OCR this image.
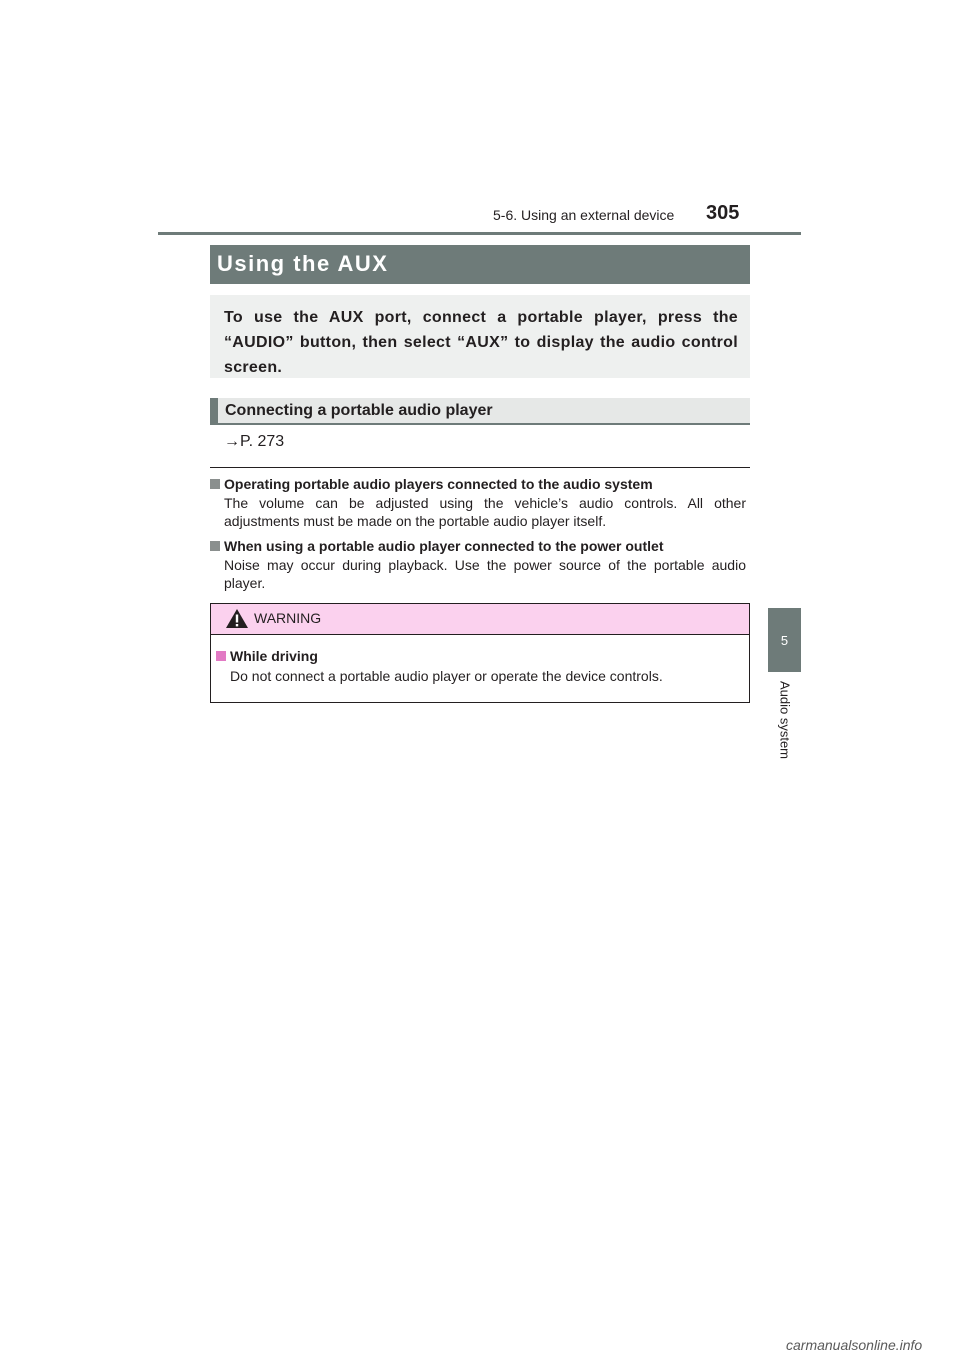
5-6. Using an external device 305
5
Audio system
Using the AUX
To use the AUX port, connect a portable player, press the “AUDIO” button, then select “AUX” to display the audio control screen.
Connecting a portable audio player
→P. 273
Operating portable audio players connected to the audio system
The volume can be adjusted using the vehicle’s audio controls. All other adjustments must be made on the portable audio player itself.
When using a portable audio player connected to the power outlet
Noise may occur during playback. Use the power source of the portable audio player.
WARNING
While driving
Do not connect a portable audio player or operate the device controls.
carmanualsonline.info
